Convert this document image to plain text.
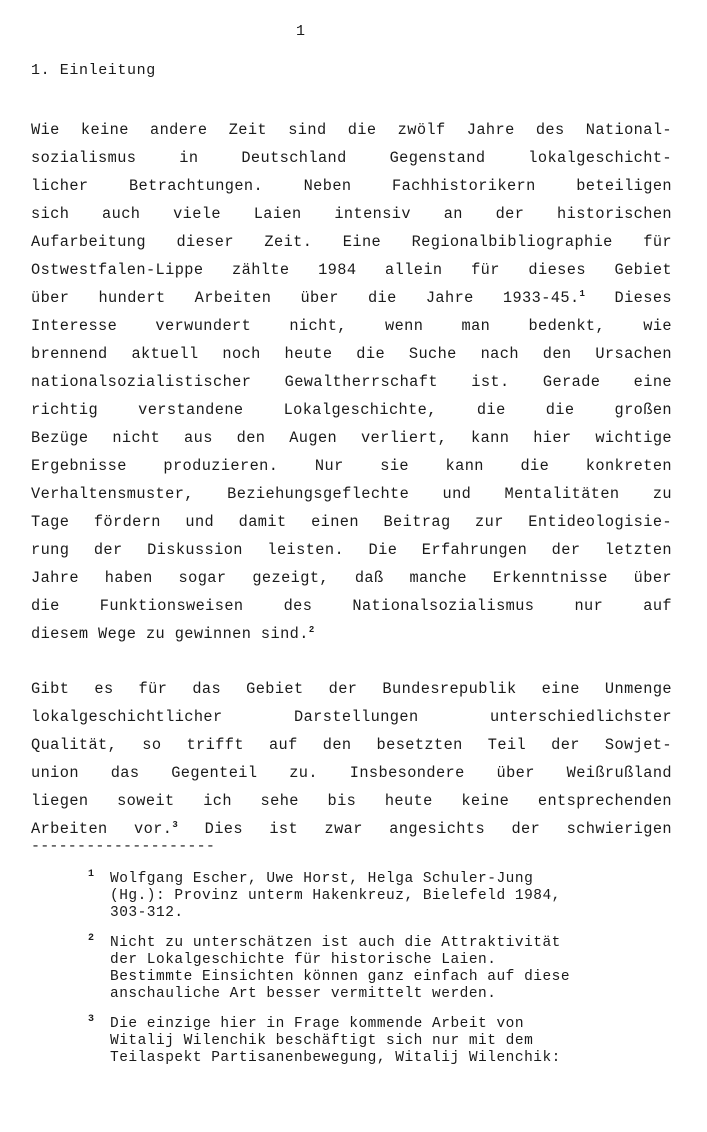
1
1. Einleitung
Wie keine andere Zeit sind die zwölf Jahre des National-
sozialismus in Deutschland Gegenstand lokalgeschicht-
licher Betrachtungen. Neben Fachhistorikern beteiligen
sich auch viele Laien intensiv an der historischen
Aufarbeitung dieser Zeit. Eine Regionalbibliographie für
Ostwestfalen-Lippe zählte 1984 allein für dieses Gebiet
über hundert Arbeiten über die Jahre 1933-45.$^1$ Dieses
Interesse verwundert nicht, wenn man bedenkt, wie
brennend aktuell noch heute die Suche nach den Ursachen
nationalsozialistischer Gewaltherrschaft ist. Gerade eine
richtig verstandene Lokalgeschichte, die die großen
Bezüge nicht aus den Augen verliert, kann hier wichtige
Ergebnisse produzieren. Nur sie kann die konkreten
Verhaltensmuster, Beziehungsgeflechte und Mentalitäten zu
Tage fördern und damit einen Beitrag zur Entideologisie-
rung der Diskussion leisten. Die Erfahrungen der letzten
Jahre haben sogar gezeigt, daß manche Erkenntnisse über
die Funktionsweisen des Nationalsozialismus nur auf
diesem Wege zu gewinnen sind.$^2$
Gibt es für das Gebiet der Bundesrepublik eine Unmenge
lokalgeschichtlicher Darstellungen unterschiedlichster
Qualität, so trifft auf den besetzten Teil der Sowjet-
union das Gegenteil zu. Insbesondere über Weißrußland
liegen soweit ich sehe bis heute keine entsprechenden
Arbeiten vor.$^3$ Dies ist zwar angesichts der schwierigen
--------------------
1 Wolfgang Escher, Uwe Horst, Helga Schuler-Jung
(Hg.): Provinz unterm Hakenkreuz, Bielefeld 1984,
303-312.
2 Nicht zu unterschätzen ist auch die Attraktivität
der Lokalgeschichte für historische Laien.
Bestimmte Einsichten können ganz einfach auf diese
anschauliche Art besser vermittelt werden.
3 Die einzige hier in Frage kommende Arbeit von
Witalij Wilenchik beschäftigt sich nur mit dem
Teilaspekt Partisanenbewegung, Witalij Wilenchik:
